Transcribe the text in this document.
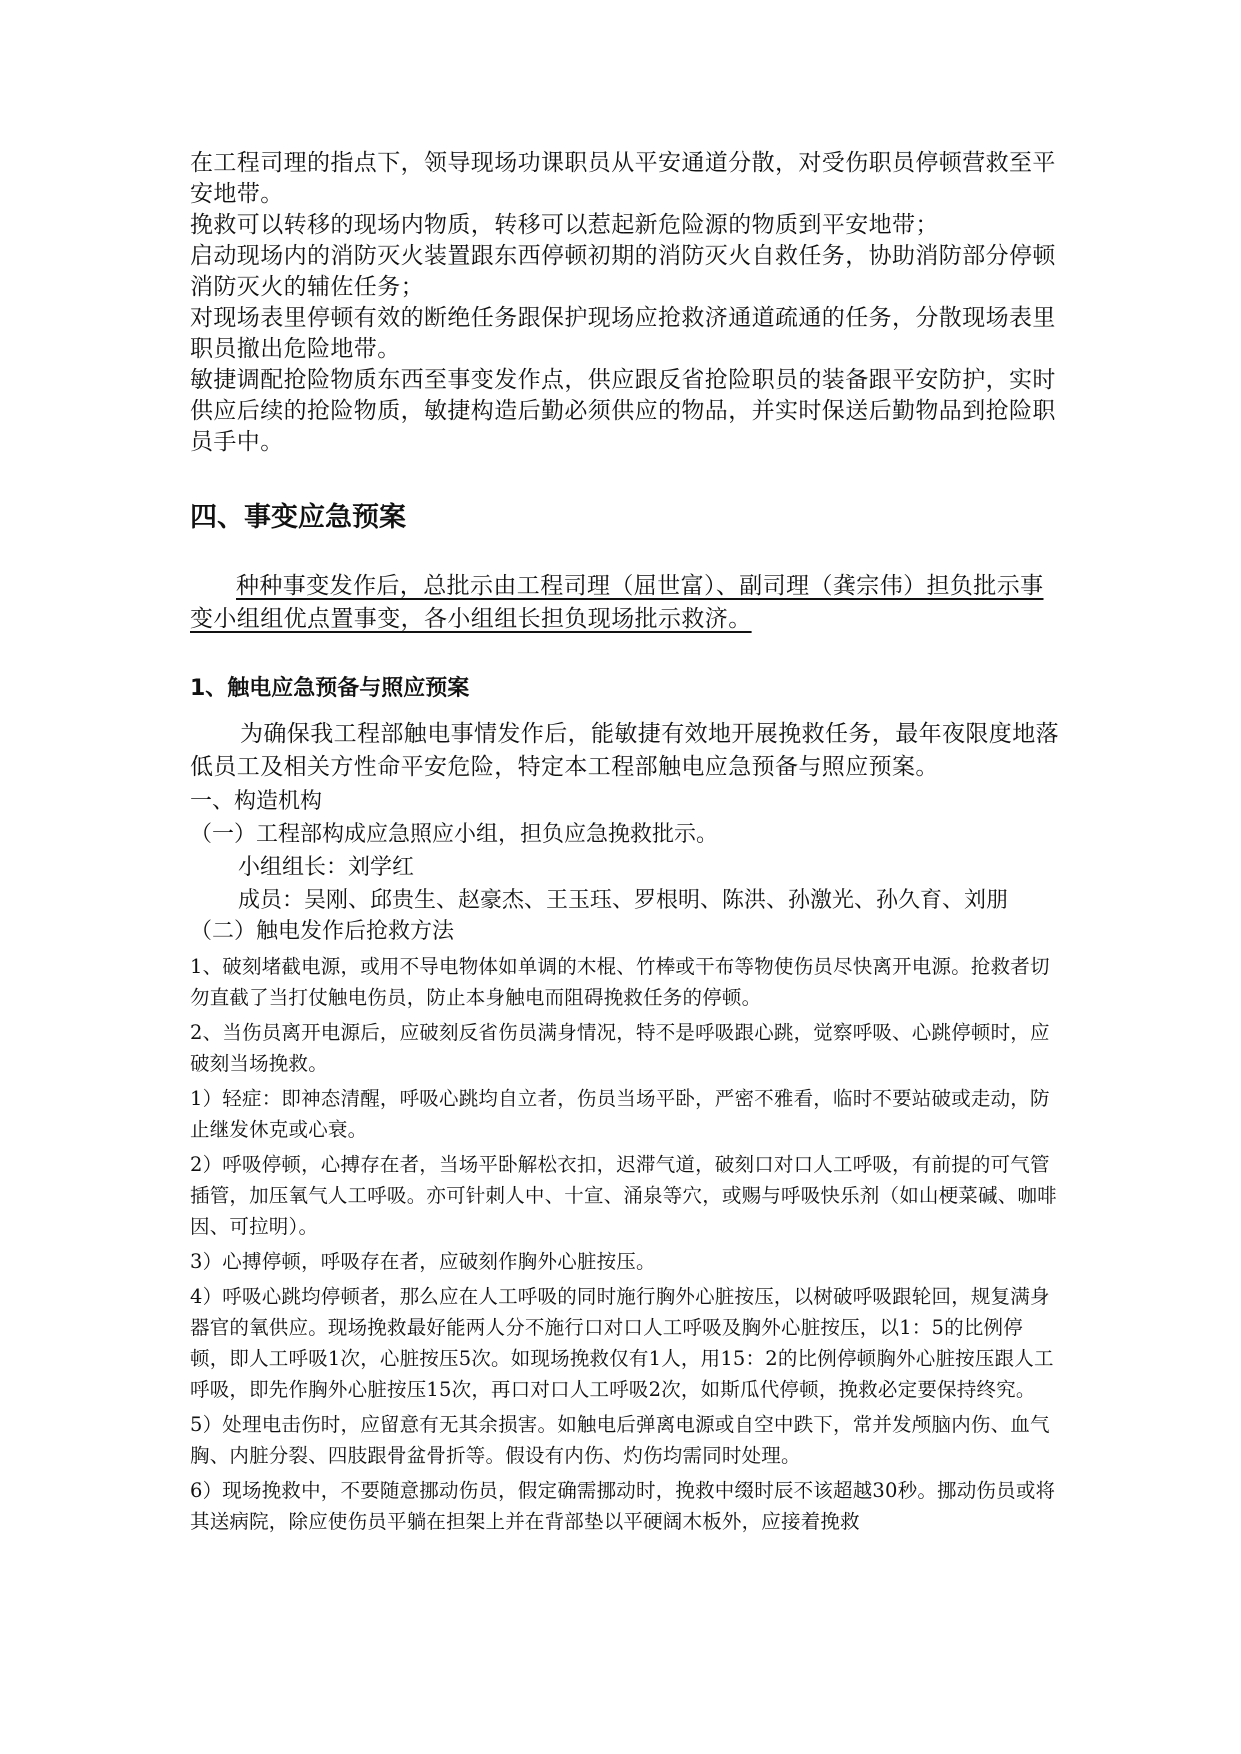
在工程司理的指点下，领导现场功课职员从平安通道分散，对受伤职员停顿营救至平安地带。

挽救可以转移的现场内物质，转移可以惹起新危险源的物质到平安地带；

启动现场内的消防灭火装置跟东西停顿初期的消防灭火自救任务，协助消防部分停顿消防灭火的辅佐任务；

对现场表里停顿有效的断绝任务跟保护现场应抢救济通道疏通的任务，分散现场表里职员撤出危险地带。

敏捷调配抢险物质东西至事变发作点，供应跟反省抢险职员的装备跟平安防护，实时供应后续的抢险物质，敏捷构造后勤必须供应的物品，并实时保送后勤物品到抢险职员手中。

四、事变应急预案

种种事变发作后，总批示由工程司理（屈世富）、副司理（龚宗伟）担负批示事变小组组优点置事变，各小组组长担负现场批示救济。

1、触电应急预备与照应预案

为确保我工程部触电事情发作后，能敏捷有效地开展挽救任务，最年夜限度地落低员工及相关方性命平安危险，特定本工程部触电应急预备与照应预案。

一、构造机构

（一）工程部构成应急照应小组，担负应急挽救批示。

小组组长：刘学红

成员：吴刚、邱贵生、赵豪杰、王玉珏、罗根明、陈洪、孙激光、孙久育、刘朋（二）触电发作后抢救方法

1、破刻堵截电源，或用不导电物体如单调的木棍、竹棒或干布等物使伤员尽快离开电源。抢救者切勿直截了当打仗触电伤员，防止本身触电而阻碍挽救任务的停顿。

2、当伤员离开电源后，应破刻反省伤员满身情况，特不是呼吸跟心跳，觉察呼吸、心跳停顿时，应破刻当场挽救。

1）轻症：即神态清醒，呼吸心跳均自立者，伤员当场平卧，严密不雅看，临时不要站破或走动，防止继发休克或心衰。

2）呼吸停顿，心搏存在者，当场平卧解松衣扣，迟滞气道，破刻口对口人工呼吸，有前提的可气管插管，加压氧气人工呼吸。亦可针刺人中、十宣、涌泉等穴，或赐与呼吸快乐剂（如山梗菜碱、咖啡因、可拉明）。

3）心搏停顿，呼吸存在者，应破刻作胸外心脏按压。

4）呼吸心跳均停顿者，那么应在人工呼吸的同时施行胸外心脏按压，以树破呼吸跟轮回，规复满身器官的氧供应。现场挽救最好能两人分不施行口对口人工呼吸及胸外心脏按压，以1：5的比例停顿，即人工呼吸1次，心脏按压5次。如现场挽救仅有1人，用15：2的比例停顿胸外心脏按压跟人工呼吸，即先作胸外心脏按压15次，再口对口人工呼吸2次，如斯瓜代停顿，挽救必定要保持终究。

5）处理电击伤时，应留意有无其余损害。如触电后弹离电源或自空中跌下，常并发颅脑内伤、血气胸、内脏分裂、四肢跟骨盆骨折等。假设有内伤、灼伤均需同时处理。

6）现场挽救中，不要随意挪动伤员，假定确需挪动时，挽救中缀时辰不该超越30秒。挪动伤员或将其送病院，除应使伤员平躺在担架上并在背部垫以平硬阔木板外，应接着挽救
